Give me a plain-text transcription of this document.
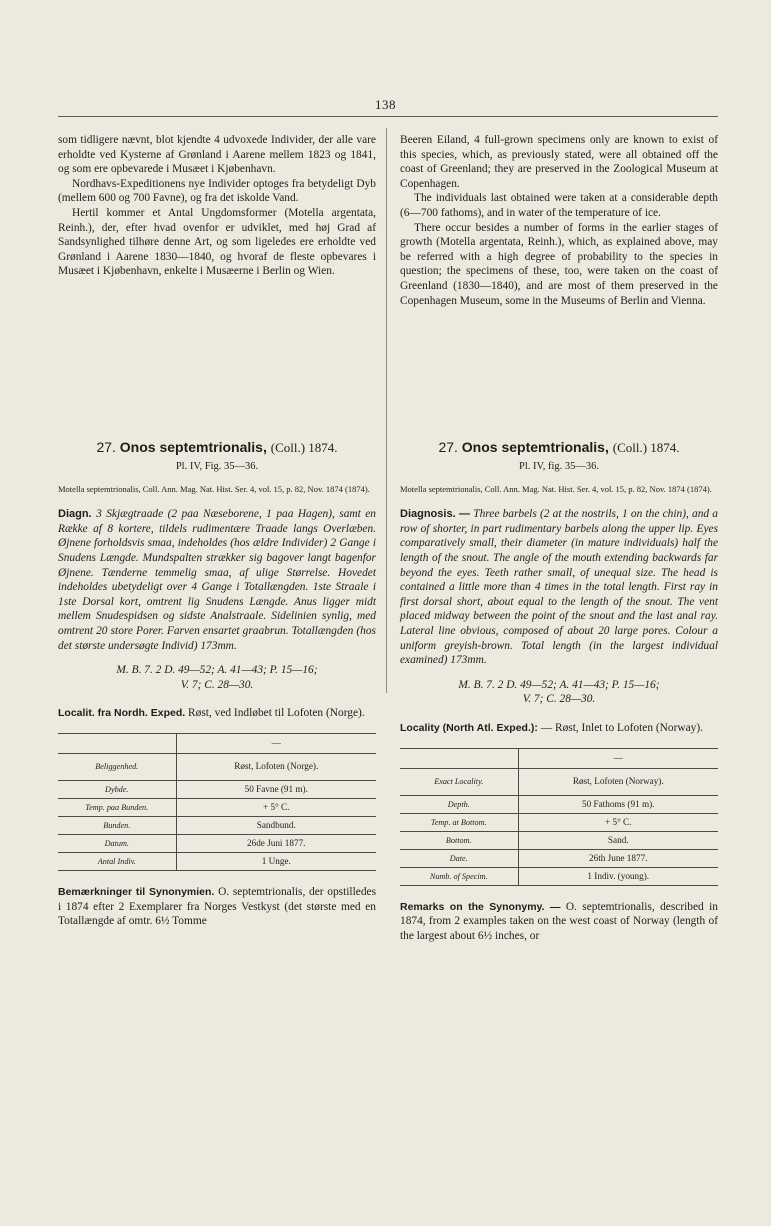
138

som tidligere nævnt, blot kjendte 4 udvoxede Individer, der alle vare erholdte ved Kysterne af Grønland i Aarene mellem 1823 og 1841, og som ere opbevarede i Musæet i Kjøbenhavn.

Nordhavs-Expeditionens nye Individer optoges fra betydeligt Dyb (mellem 600 og 700 Favne), og fra det iskolde Vand.

Hertil kommer et Antal Ungdomsformer (Motella argentata, Reinh.), der, efter hvad ovenfor er udviklet, med høj Grad af Sandsynlighed tilhøre denne Art, og som ligeledes ere erholdte ved Grønland i Aarene 1830—1840, og hvoraf de fleste opbevares i Musæet i Kjøbenhavn, enkelte i Musæerne i Berlin og Wien.

27. Onos septemtrionalis, (Coll.) 1874.
Pl. IV, Fig. 35—36.
Motella septemtrionalis, Coll. Ann. Mag. Nat. Hist. Ser. 4, vol. 15, p. 82, Nov. 1874 (1874).
Diagn. 3 Skjægtraade (2 paa Næseborene, 1 paa Hagen), samt en Række af 8 kortere, tildels rudimentære Traade langs Overlæben. Øjnene forholdsvis smaa, indeholdes (hos ældre Individer) 2 Gange i Snudens Længde. Mundspalten strækker sig bagover langt bagenfor Øjnene. Tænderne temmelig smaa, af ulige Størrelse. Hovedet indeholdes ubetydeligt over 4 Gange i Totallængden. 1ste Straale i 1ste Dorsal kort, omtrent lig Snudens Længde. Anus ligger midt mellem Snudespidsen og sidste Analstraale. Sidelinien synlig, med omtrent 20 store Porer. Farven ensartet graabrun. Totallængden (hos det største undersøgte Individ) 173mm.
M. B. 7. 2 D. 49—52; A. 41—43; P. 15—16;
V. 7; C. 28—30.
Localit. fra Nordh. Exped. Røst, ved Indløbet til Lofoten (Norge).
	—
Beliggenhed.	Røst, Lofoten (Norge).
Dybde.	50 Favne (91 m).
Temp. paa Bunden.	+ 5° C.
Bunden.	Sandbund.
Datum.	26de Juni 1877.
Antal Indiv.	1 Unge.
Bemærkninger til Synonymien. O. septemtrionalis, der opstilledes i 1874 efter 2 Exemplarer fra Norges Vestkyst (det største med en Totallængde af omtr. 6½ Tomme

Beeren Eiland, 4 full-grown specimens only are known to exist of this species, which, as previously stated, were all obtained off the coast of Greenland; they are preserved in the Zoological Museum at Copenhagen.

The individuals last obtained were taken at a considerable depth (6—700 fathoms), and in water of the temperature of ice.

There occur besides a number of forms in the earlier stages of growth (Motella argentata, Reinh.), which, as explained above, may be referred with a high degree of probability to the species in question; the specimens of these, too, were taken on the coast of Greenland (1830—1840), and are most of them preserved in the Copenhagen Museum, some in the Museums of Berlin and Vienna.

27. Onos septemtrionalis, (Coll.) 1874.
Pl. IV, fig. 35—36.
Motella septemtrionalis, Coll. Ann. Mag. Nat. Hist. Ser. 4, vol. 15, p. 82, Nov. 1874 (1874).
Diagnosis. — Three barbels (2 at the nostrils, 1 on the chin), and a row of shorter, in part rudimentary barbels along the upper lip. Eyes comparatively small, their diameter (in mature individuals) half the length of the snout. The angle of the mouth extending backwards far beyond the eyes. Teeth rather small, of unequal size. The head is contained a little more than 4 times in the total length. First ray in first dorsal short, about equal to the length of the snout. The vent placed midway between the point of the snout and the last anal ray. Lateral line obvious, composed of about 20 large pores. Colour a uniform greyish-brown. Total length (in the largest individual examined) 173mm.
M. B. 7. 2 D. 49—52; A. 41—43; P. 15—16;
V. 7; C. 28—30.
Locality (North Atl. Exped.): — Røst, Inlet to Lofoten (Norway).
	—
Exact Locality.	Røst, Lofoten (Norway).
Depth.	50 Fathoms (91 m).
Temp. at Bottom.	+ 5° C.
Bottom.	Sand.
Date.	26th June 1877.
Numb. of Specim.	1 Indiv. (young).
Remarks on the Synonymy. — O. septemtrionalis, described in 1874, from 2 examples taken on the west coast of Norway (length of the largest about 6½ inches, or
